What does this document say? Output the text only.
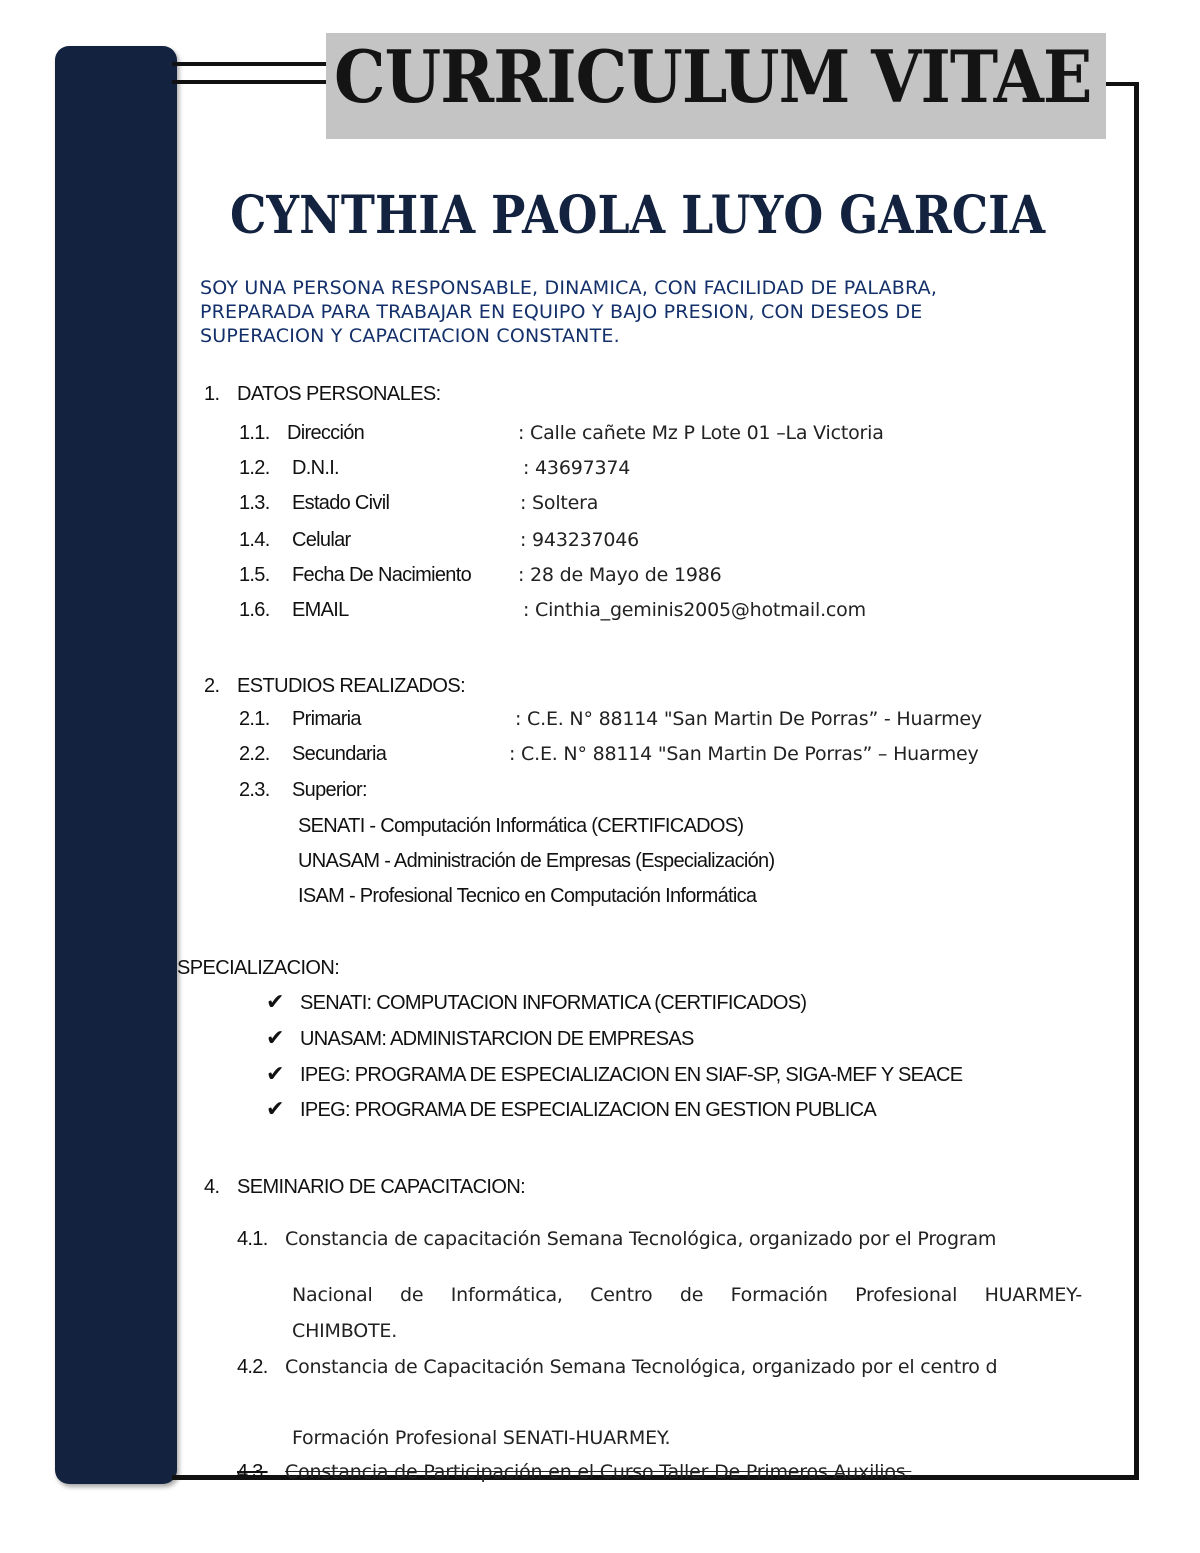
CURRICULUM VITAE
CYNTHIA PAOLA LUYO GARCIA
SOY UNA PERSONA RESPONSABLE, DINAMICA, CON FACILIDAD DE PALABRA,
PREPARADA PARA TRABAJAR EN EQUIPO Y BAJO PRESION, CON DESEOS DE
SUPERACION Y CAPACITACION CONSTANTE.
1. DATOS PERSONALES:
1.1. Dirección	: Calle cañete Mz P Lote 01 –La Victoria
1.2. D.N.I.	: 43697374
1.3. Estado Civil	: Soltera
1.4. Celular	: 943237046
1.5. Fecha De Nacimiento : 28 de Mayo de 1986
1.6. EMAIL	: Cinthia_geminis2005@hotmail.com
2. ESTUDIOS REALIZADOS:
2.1. Primaria	: C.E. N° 88114 "San Martin De Porras” - Huarmey
2.2. Secundaria	: C.E. N° 88114 "San Martin De Porras” – Huarmey
2.3. Superior:
SENATI - Computación Informática (CERTIFICADOS)
UNASAM - Administración de Empresas (Especialización)
ISAM - Profesional Tecnico en Computación Informática
SPECIALIZACION:
✔ SENATI: COMPUTACION INFORMATICA (CERTIFICADOS)
✔ UNASAM: ADMINISTARCION DE EMPRESAS
✔ IPEG: PROGRAMA DE ESPECIALIZACION EN SIAF-SP, SIGA-MEF Y SEACE
✔ IPEG: PROGRAMA DE ESPECIALIZACION EN GESTION PUBLICA
4. SEMINARIO DE CAPACITACION:
4.1. Constancia de capacitación Semana Tecnológica, organizado por el Program
Nacional de Informática, Centro de Formación Profesional HUARMEY-
CHIMBOTE.
4.2. Constancia de Capacitación Semana Tecnológica, organizado por el centro d
Formación Profesional SENATI-HUARMEY.
4.3. Constancia de Participación en el Curso Taller De Primeros Auxilios.
